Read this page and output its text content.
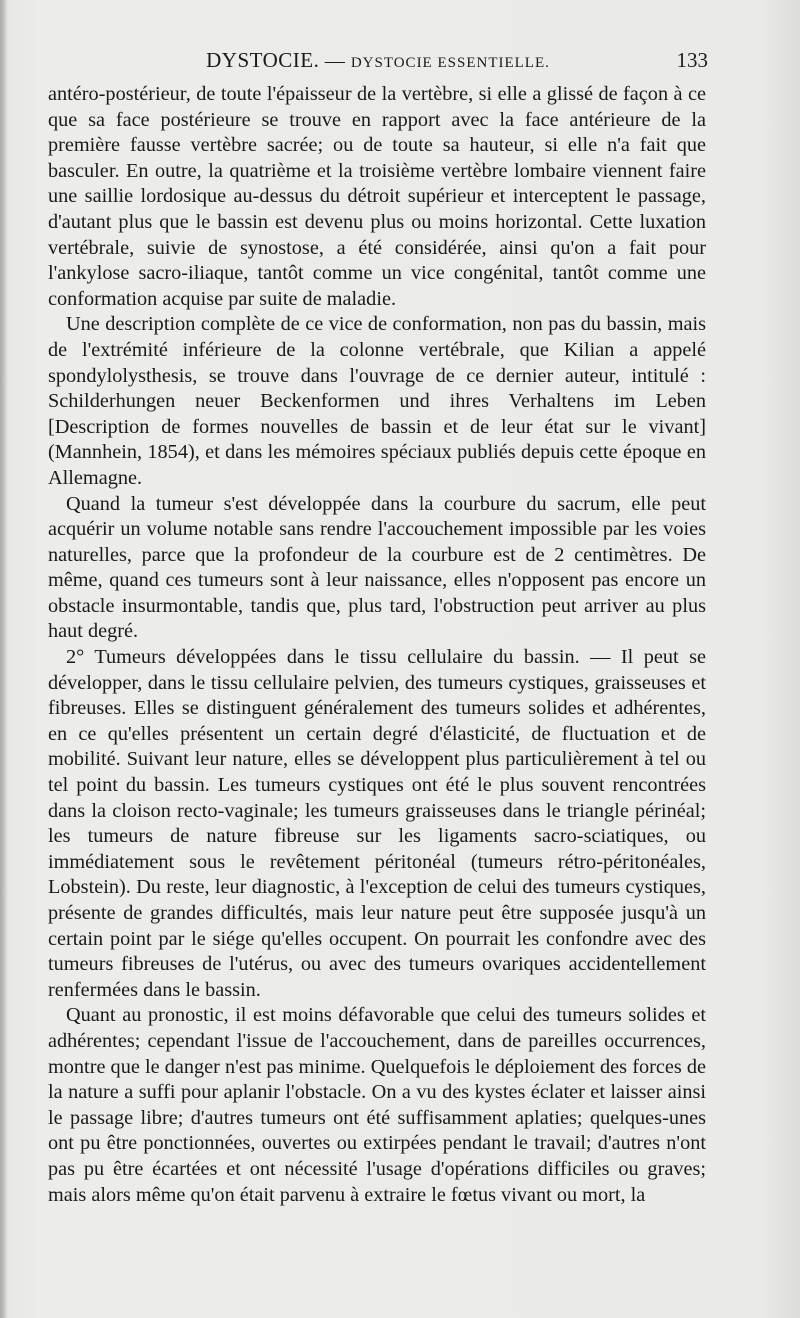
DYSTOCIE. — DYSTOCIE ESSENTIELLE.	133

antéro-postérieur, de toute l'épaisseur de la vertèbre, si elle a glissé de façon à ce que sa face postérieure se trouve en rapport avec la face antérieure de la première fausse vertèbre sacrée; ou de toute sa hauteur, si elle n'a fait que basculer. En outre, la quatrième et la troisième vertèbre lombaire viennent faire une saillie lordosique au-dessus du détroit supérieur et interceptent le passage, d'autant plus que le bassin est devenu plus ou moins horizontal. Cette luxation vertébrale, suivie de synostose, a été considérée, ainsi qu'on a fait pour l'ankylose sacro-iliaque, tantôt comme un vice congénital, tantôt comme une conformation acquise par suite de maladie.

Une description complète de ce vice de conformation, non pas du bassin, mais de l'extrémité inférieure de la colonne vertébrale, que Kilian a appelé spondylolysthesis, se trouve dans l'ouvrage de ce dernier auteur, intitulé : Schilderhungen neuer Beckenformen und ihres Verhaltens im Leben [Description de formes nouvelles de bassin et de leur état sur le vivant] (Mannhein, 1854), et dans les mémoires spéciaux publiés depuis cette époque en Allemagne.

Quand la tumeur s'est développée dans la courbure du sacrum, elle peut acquérir un volume notable sans rendre l'accouchement impossible par les voies naturelles, parce que la profondeur de la courbure est de 2 centimètres. De même, quand ces tumeurs sont à leur naissance, elles n'opposent pas encore un obstacle insurmontable, tandis que, plus tard, l'obstruction peut arriver au plus haut degré.

2° Tumeurs développées dans le tissu cellulaire du bassin. — Il peut se développer, dans le tissu cellulaire pelvien, des tumeurs cystiques, graisseuses et fibreuses. Elles se distinguent généralement des tumeurs solides et adhérentes, en ce qu'elles présentent un certain degré d'élasticité, de fluctuation et de mobilité. Suivant leur nature, elles se développent plus particulièrement à tel ou tel point du bassin. Les tumeurs cystiques ont été le plus souvent rencontrées dans la cloison recto-vaginale; les tumeurs graisseuses dans le triangle périnéal; les tumeurs de nature fibreuse sur les ligaments sacro-sciatiques, ou immédiatement sous le revêtement péritonéal (tumeurs rétro-péritonéales, Lobstein). Du reste, leur diagnostic, à l'exception de celui des tumeurs cystiques, présente de grandes difficultés, mais leur nature peut être supposée jusqu'à un certain point par le siége qu'elles occupent. On pourrait les confondre avec des tumeurs fibreuses de l'utérus, ou avec des tumeurs ovariques accidentellement renfermées dans le bassin.

Quant au pronostic, il est moins défavorable que celui des tumeurs solides et adhérentes; cependant l'issue de l'accouchement, dans de pareilles occurrences, montre que le danger n'est pas minime. Quelquefois le déploiement des forces de la nature a suffi pour aplanir l'obstacle. On a vu des kystes éclater et laisser ainsi le passage libre; d'autres tumeurs ont été suffisamment aplaties; quelques-unes ont pu être ponctionnées, ouvertes ou extirpées pendant le travail; d'autres n'ont pas pu être écartées et ont nécessité l'usage d'opérations difficiles ou graves; mais alors même qu'on était parvenu à extraire le fœtus vivant ou mort, la
